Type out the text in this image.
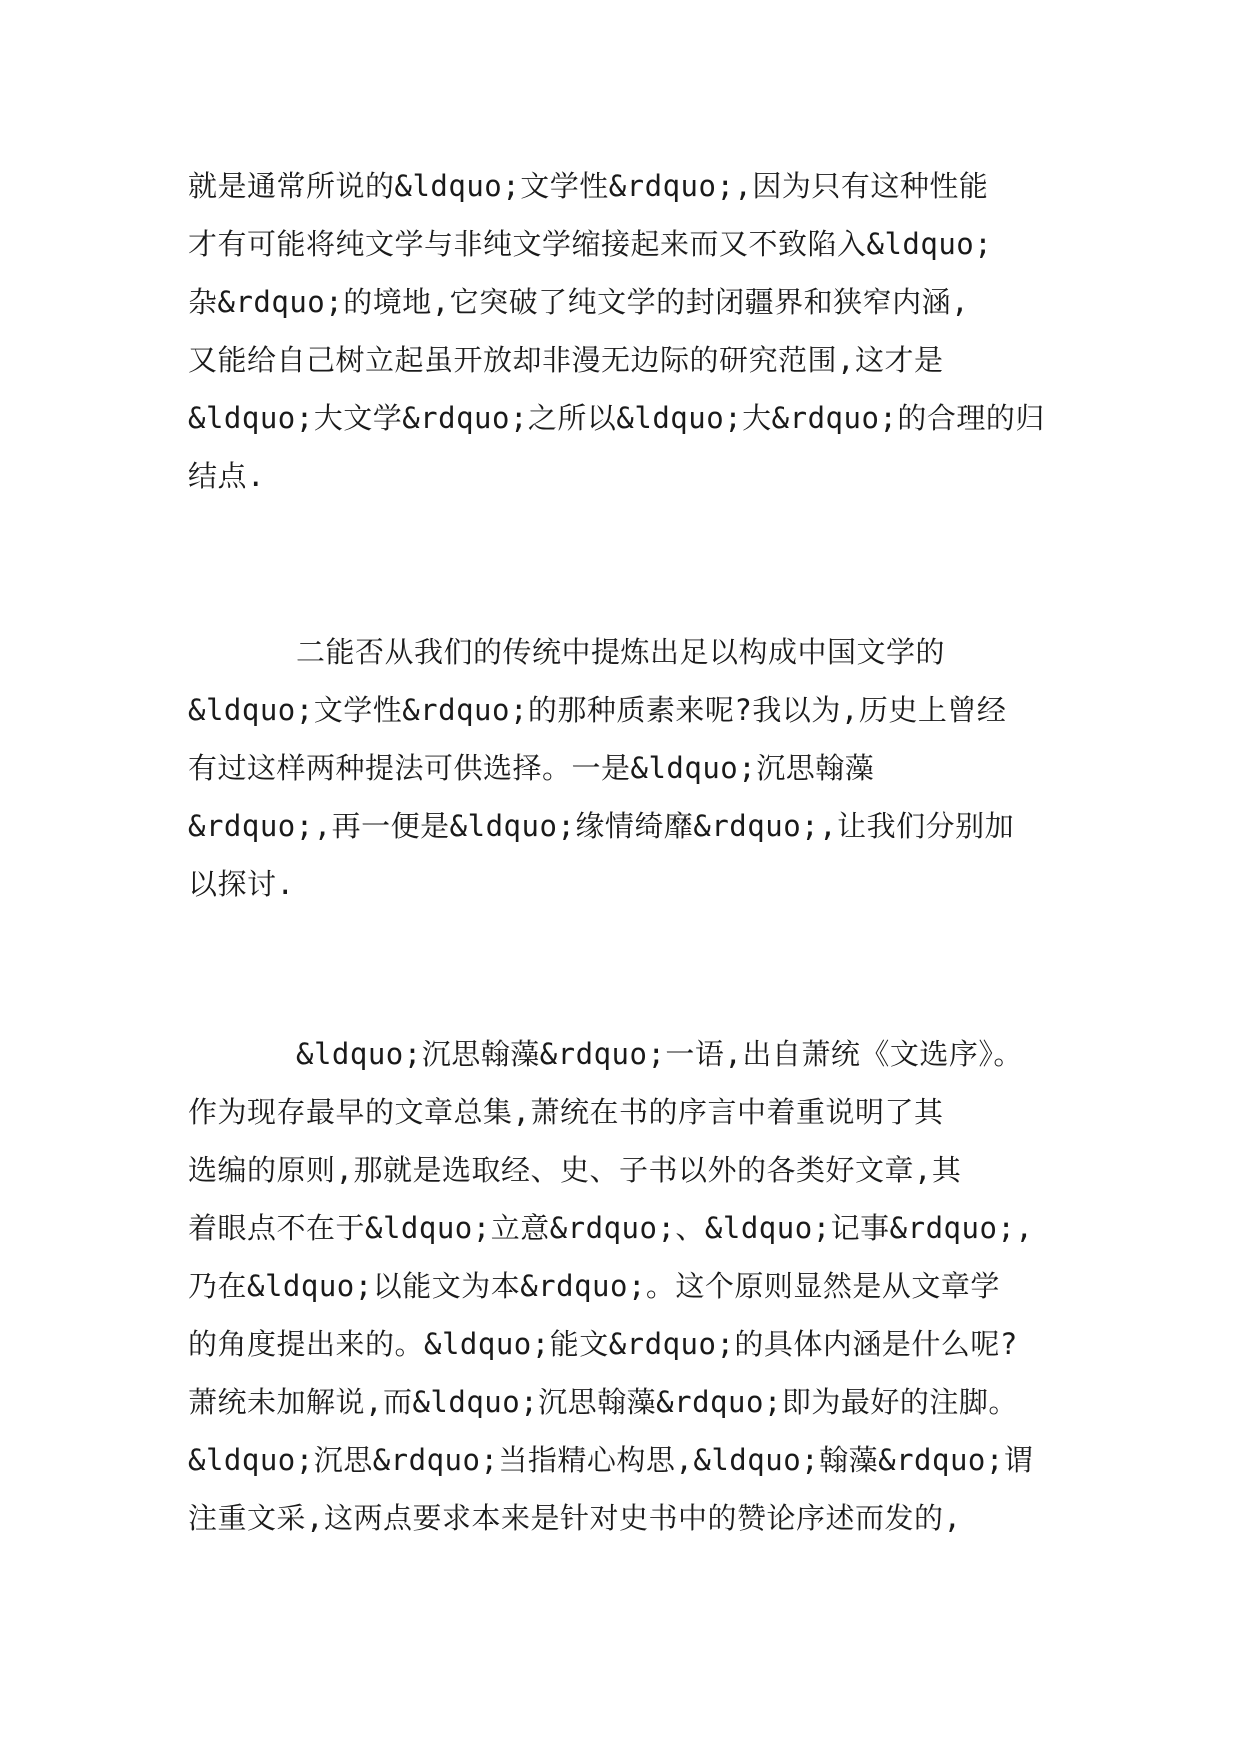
就是通常所说的&ldquo;文学性&rdquo;,因为只有这种性能
才有可能将纯文学与非纯文学缩接起来而又不致陷入&ldquo;
杂&rdquo;的境地,它突破了纯文学的封闭疆界和狭窄内涵,
又能给自己树立起虽开放却非漫无边际的研究范围,这才是
&ldquo;大文学&rdquo;之所以&ldquo;大&rdquo;的合理的归
结点.
二能否从我们的传统中提炼出足以构成中国文学的
&ldquo;文学性&rdquo;的那种质素来呢?我以为,历史上曾经
有过这样两种提法可供选择。一是&ldquo;沉思翰藻
&rdquo;,再一便是&ldquo;缘情绮靡&rdquo;,让我们分别加
以探讨.
&ldquo;沉思翰藻&rdquo;一语,出自萧统《文选序》。
作为现存最早的文章总集,萧统在书的序言中着重说明了其
选编的原则,那就是选取经、史、子书以外的各类好文章,其
着眼点不在于&ldquo;立意&rdquo;、&ldquo;记事&rdquo;,
乃在&ldquo;以能文为本&rdquo;。这个原则显然是从文章学
的角度提出来的。&ldquo;能文&rdquo;的具体内涵是什么呢?
萧统未加解说,而&ldquo;沉思翰藻&rdquo;即为最好的注脚。
&ldquo;沉思&rdquo;当指精心构思,&ldquo;翰藻&rdquo;谓
注重文采,这两点要求本来是针对史书中的赞论序述而发的,
